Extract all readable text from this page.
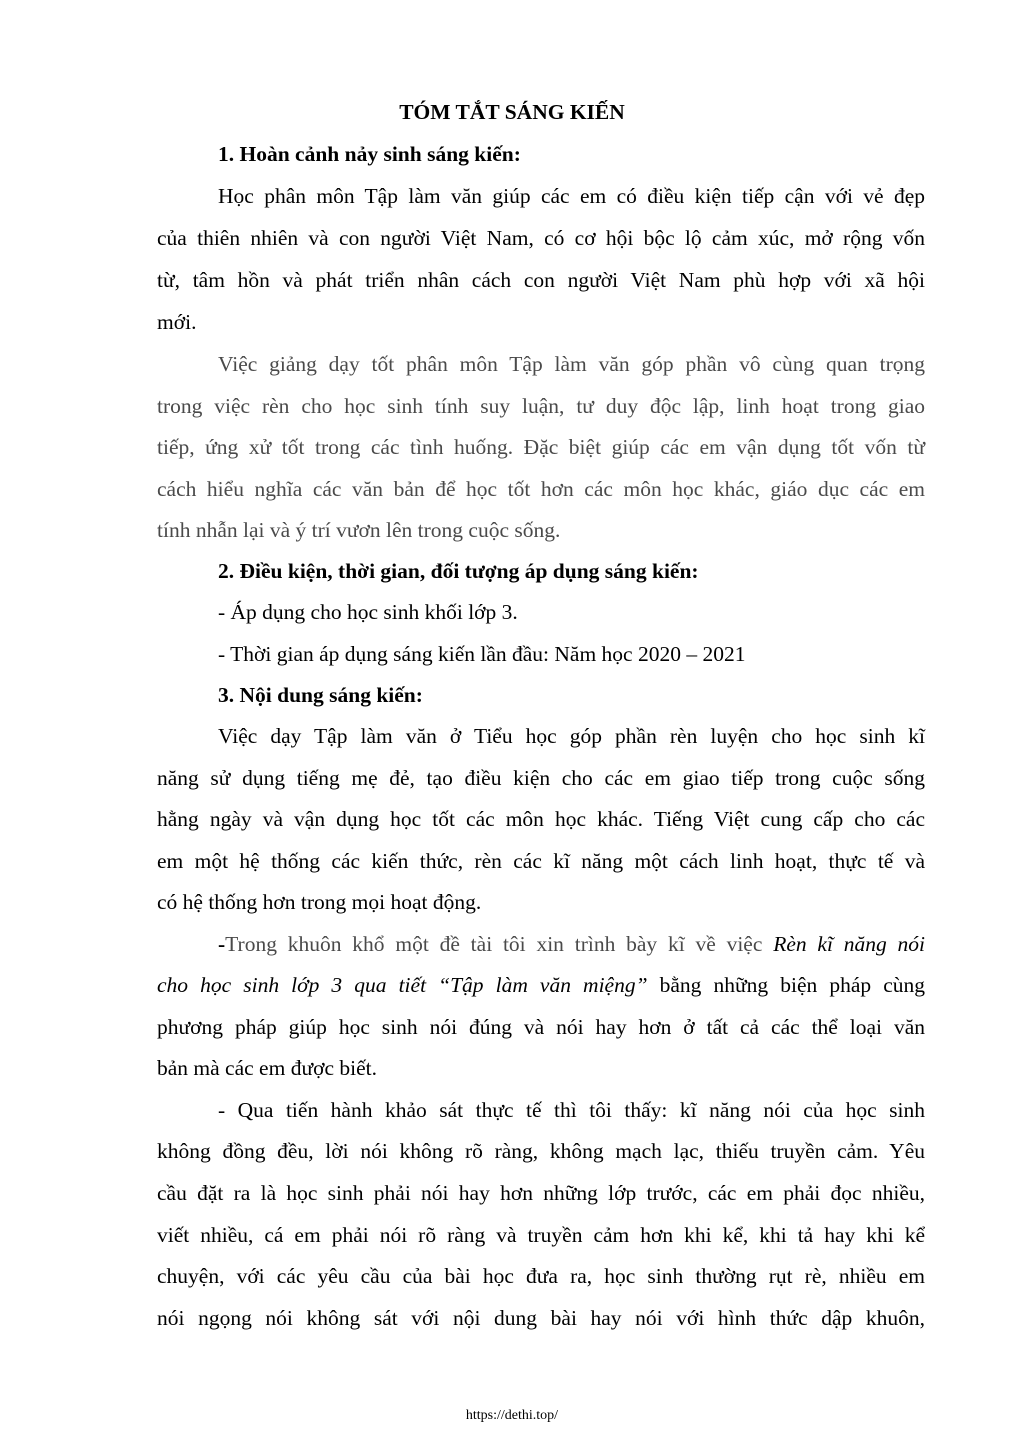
TÓM TẮT SÁNG KIẾN
1. Hoàn cảnh nảy sinh sáng kiến:
Học phân môn Tập làm văn giúp các em có điều kiện tiếp cận với vẻ đẹp
của thiên nhiên và con người Việt Nam, có cơ hội bộc lộ cảm xúc, mở rộng vốn
từ, tâm hồn và phát triển nhân cách con người Việt Nam phù hợp với xã hội
mới.
Việc giảng dạy tốt phân môn Tập làm văn góp phần vô cùng quan trọng
trong việc rèn cho học sinh tính suy luận, tư duy độc lập, linh hoạt trong giao
tiếp, ứng xử tốt trong các tình huống. Đặc biệt giúp các em vận dụng tốt vốn từ
cách hiểu nghĩa các văn bản để học tốt hơn các môn học khác, giáo dục các em
tính nhẫn lại và ý trí vươn lên trong cuộc sống.
2. Điều kiện, thời gian, đối tượng áp dụng sáng kiến:
- Áp dụng cho học sinh khối lớp 3.
- Thời gian áp dụng sáng kiến lần đầu: Năm học 2020 – 2021
3. Nội dung sáng kiến:
Việc dạy Tập làm văn ở Tiểu học góp phần rèn luyện cho học sinh kĩ
năng sử dụng tiếng mẹ đẻ, tạo điều kiện cho các em giao tiếp trong cuộc sống
hằng ngày và vận dụng học tốt các môn học khác. Tiếng Việt cung cấp cho các
em một hệ thống các kiến thức, rèn các kĩ năng một cách linh hoạt, thực tế và
có hệ thống hơn trong mọi hoạt động.
-Trong khuôn khổ một đề tài tôi xin trình bày kĩ về việc Rèn kĩ năng nói
cho học sinh lớp 3 qua tiết “Tập làm văn miệng” bằng những biện pháp cùng
phương pháp giúp học sinh nói đúng và nói hay hơn ở tất cả các thể loại văn
bản mà các em được biết.
- Qua tiến hành khảo sát thực tế thì tôi thấy: kĩ năng nói của học sinh
không đồng đều, lời nói không rõ ràng, không mạch lạc, thiếu truyền cảm. Yêu
cầu đặt ra là học sinh phải nói hay hơn những lớp trước, các em phải đọc nhiều,
viết nhiều, cá em phải nói rõ ràng và truyền cảm hơn khi kể, khi tả hay khi kể
chuyện, với các yêu cầu của bài học đưa ra, học sinh thường rụt rè, nhiều em
nói ngọng nói không sát với nội dung bài hay nói với hình thức dập khuôn,
https://dethi.top/
